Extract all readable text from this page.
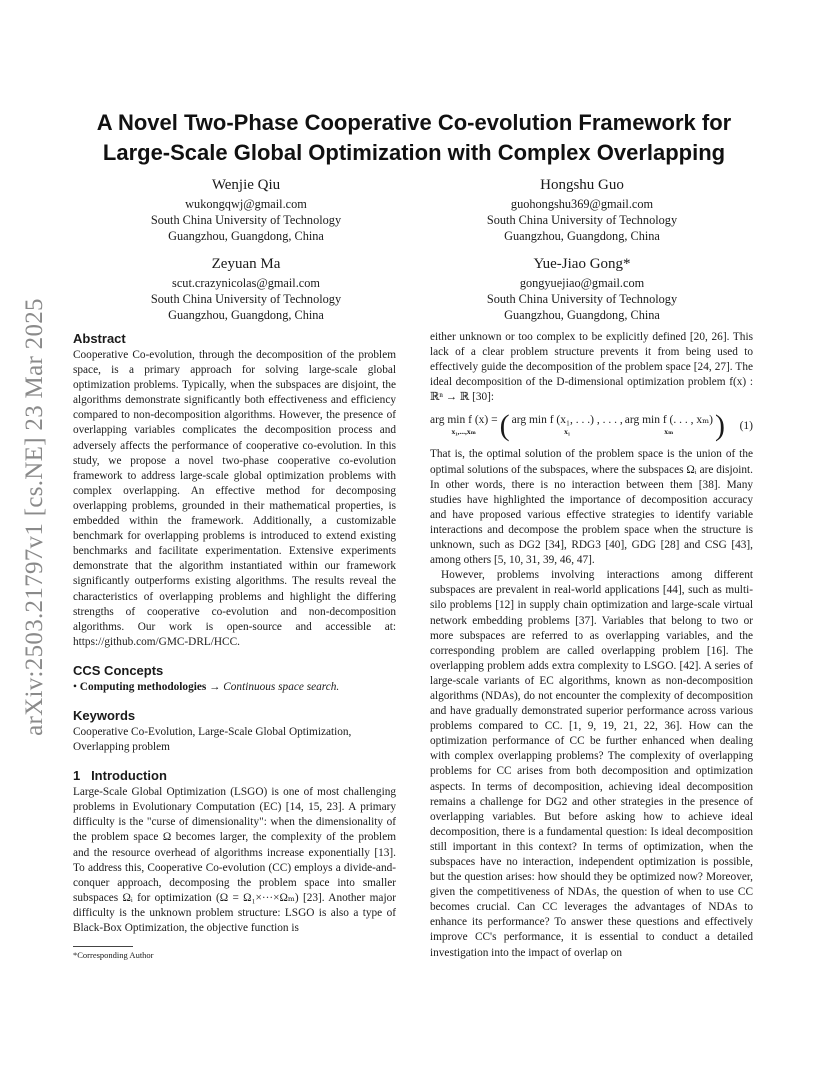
arXiv:2503.21797v1 [cs.NE] 23 Mar 2025
A Novel Two-Phase Cooperative Co-evolution Framework for
Large-Scale Global Optimization with Complex Overlapping
Wenjie Qiu
wukongqwj@gmail.com
South China University of Technology
Guangzhou, Guangdong, China
Hongshu Guo
guohongshu369@gmail.com
South China University of Technology
Guangzhou, Guangdong, China
Zeyuan Ma
scut.crazynicolas@gmail.com
South China University of Technology
Guangzhou, Guangdong, China
Yue-Jiao Gong*
gongyuejiao@gmail.com
South China University of Technology
Guangzhou, Guangdong, China
Abstract

Cooperative Co-evolution, through the decomposition of the problem space, is a primary approach for solving large-scale global optimization problems. Typically, when the subspaces are disjoint, the algorithms demonstrate significantly both effectiveness and efficiency compared to non-decomposition algorithms. However, the presence of overlapping variables complicates the decomposition process and adversely affects the performance of cooperative co-evolution. In this study, we propose a novel two-phase cooperative co-evolution framework to address large-scale global optimization problems with complex overlapping. An effective method for decomposing overlapping problems, grounded in their mathematical properties, is embedded within the framework. Additionally, a customizable benchmark for overlapping problems is introduced to extend existing benchmarks and facilitate experimentation. Extensive experiments demonstrate that the algorithm instantiated within our framework significantly outperforms existing algorithms. The results reveal the characteristics of overlapping problems and highlight the differing strengths of cooperative co-evolution and non-decomposition algorithms. Our work is open-source and accessible at: https://github.com/GMC-DRL/HCC.

CCS Concepts

• Computing methodologies → Continuous space search.

Keywords

Cooperative Co-Evolution, Large-Scale Global Optimization, Overlapping problem

1   Introduction

Large-Scale Global Optimization (LSGO) is one of most challenging problems in Evolutionary Computation (EC) [14, 15, 23]. A primary difficulty is the "curse of dimensionality": when the dimensionality of the problem space Ω becomes larger, the complexity of the problem and the resource overhead of algorithms increase exponentially [13]. To address this, Cooperative Co-evolution (CC) employs a divide-and-conquer approach, decomposing the problem space into smaller subspaces Ωᵢ for optimization (Ω = Ω₁×···×Ωₘ) [23]. Another major difficulty is the unknown problem structure: LSGO is also a type of Black-Box Optimization, the objective function is

*Corresponding Author

either unknown or too complex to be explicitly defined [20, 26]. This lack of a clear problem structure prevents it from being used to effectively guide the decomposition of the problem space [24, 27]. The ideal decomposition of the D-dimensional optimization problem f(x) : ℝⁿ → ℝ [30]:

arg min f (x) =
x₁,...,xₘ ( arg min f (x₁, . . .) , . . . ,
x₁
arg min f (. . . , xₘ)
xₘ ) (1)

That is, the optimal solution of the problem space is the union of the optimal solutions of the subspaces, where the subspaces Ωᵢ are disjoint. In other words, there is no interaction between them [38]. Many studies have highlighted the importance of decomposition accuracy and have proposed various effective strategies to identify variable interactions and decompose the problem space when the structure is unknown, such as DG2 [34], RDG3 [40], GDG [28] and CSG [43], among others [5, 10, 31, 39, 46, 47].

However, problems involving interactions among different subspaces are prevalent in real-world applications [44], such as multi-silo problems [12] in supply chain optimization and large-scale virtual network embedding problems [37]. Variables that belong to two or more subspaces are referred to as overlapping variables, and the corresponding problem are called overlapping problem [16]. The overlapping problem adds extra complexity to LSGO. [42]. A series of large-scale variants of EC algorithms, known as non-decomposition algorithms (NDAs), do not encounter the complexity of decomposition and have gradually demonstrated superior performance across various problems compared to CC. [1, 9, 19, 21, 22, 36]. How can the optimization performance of CC be further enhanced when dealing with complex overlapping problems? The complexity of overlapping problems for CC arises from both decomposition and optimization aspects. In terms of decomposition, achieving ideal decomposition remains a challenge for DG2 and other strategies in the presence of overlapping variables. But before asking how to achieve ideal decomposition, there is a fundamental question: Is ideal decomposition still important in this context? In terms of optimization, when the subspaces have no interaction, independent optimization is possible, but the question arises: how should they be optimized now? Moreover, given the competitiveness of NDAs, the question of when to use CC becomes crucial. Can CC leverages the advantages of NDAs to enhance its performance? To answer these questions and effectively improve CC's performance, it is essential to conduct a detailed investigation into the impact of overlap on
